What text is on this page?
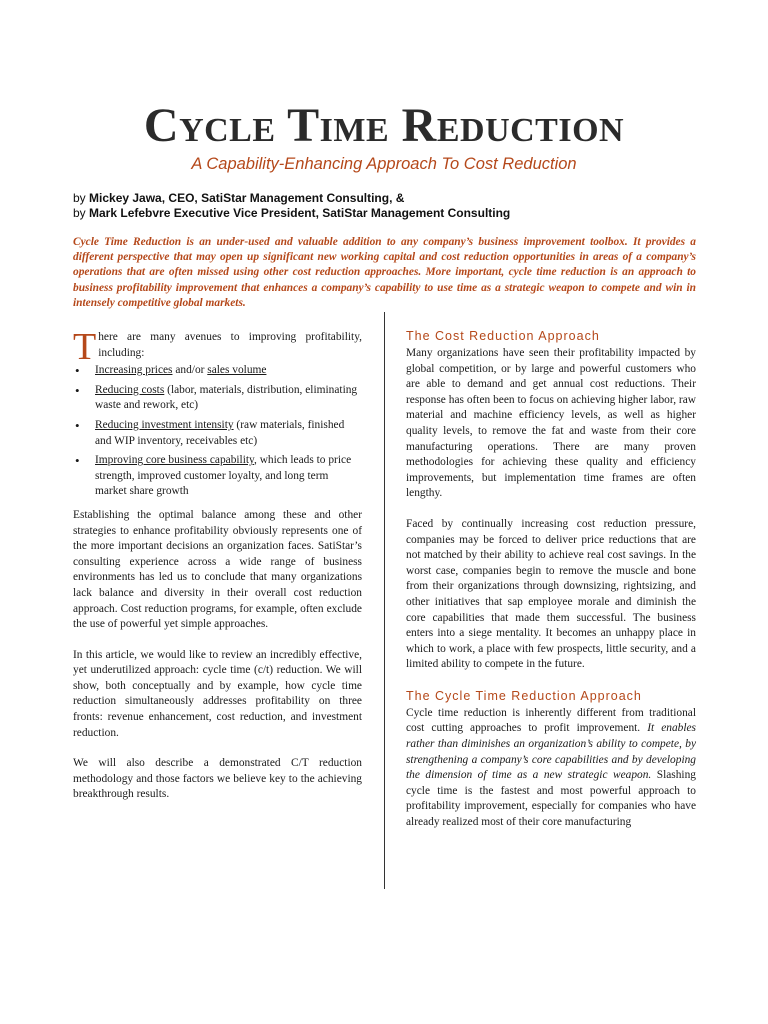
Cycle Time Reduction
A Capability-Enhancing Approach To Cost Reduction
by Mickey Jawa, CEO, SatiStar Management Consulting, &
by Mark Lefebvre Executive Vice President, SatiStar Management Consulting
Cycle Time Reduction is an under-used and valuable addition to any company’s business improvement toolbox. It provides a different perspective that may open up significant new working capital and cost reduction opportunities in areas of a company’s operations that are often missed using other cost reduction approaches. More important, cycle time reduction is an approach to business profitability improvement that enhances a company’s capability to use time as a strategic weapon to compete and win in intensely competitive global markets.

There are many avenues to improving profitability, including:

• Increasing prices and/or sales volume
• Reducing costs (labor, materials, distribution, eliminating waste and rework, etc)
• Reducing investment intensity (raw materials, finished and WIP inventory, receivables etc)
• Improving core business capability, which leads to price strength, improved customer loyalty, and long term market share growth

Establishing the optimal balance among these and other strategies to enhance profitability obviously represents one of the more important decisions an organization faces. SatiStar’s consulting experience across a wide range of business environments has led us to conclude that many organizations lack balance and diversity in their overall cost reduction approach. Cost reduction programs, for example, often exclude the use of powerful yet simple approaches.

In this article, we would like to review an incredibly effective, yet underutilized approach: cycle time (c/t) reduction. We will show, both conceptually and by example, how cycle time reduction simultaneously addresses profitability on three fronts: revenue enhancement, cost reduction, and investment reduction.

We will also describe a demonstrated C/T reduction methodology and those factors we believe key to the achieving breakthrough results.

The Cost Reduction Approach

Many organizations have seen their profitability impacted by global competition, or by large and powerful customers who are able to demand and get annual cost reductions. Their response has often been to focus on achieving higher labor, raw material and machine efficiency levels, as well as higher quality levels, to remove the fat and waste from their core manufacturing operations. There are many proven methodologies for achieving these quality and efficiency improvements, but implementation time frames are often lengthy.

Faced by continually increasing cost reduction pressure, companies may be forced to deliver price reductions that are not matched by their ability to achieve real cost savings. In the worst case, companies begin to remove the muscle and bone from their organizations through downsizing, rightsizing, and other initiatives that sap employee morale and diminish the core capabilities that made them successful. The business enters into a siege mentality. It becomes an unhappy place in which to work, a place with few prospects, little security, and a limited ability to compete in the future.

The Cycle Time Reduction Approach

Cycle time reduction is inherently different from traditional cost cutting approaches to profit improvement. It enables rather than diminishes an organization’s ability to compete, by strengthening a company’s core capabilities and by developing the dimension of time as a new strategic weapon. Slashing cycle time is the fastest and most powerful approach to profitability improvement, especially for companies who have already realized most of their core manufacturing
